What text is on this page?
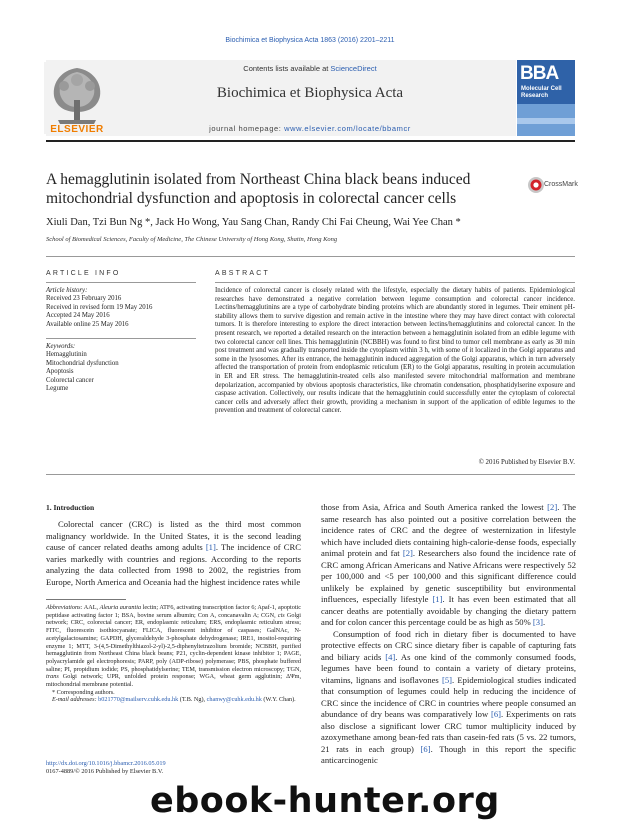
Biochimica et Biophysica Acta 1863 (2016) 2201–2211
ELSEVIER
Contents lists available at ScienceDirect
Biochimica et Biophysica Acta
journal homepage: www.elsevier.com/locate/bbamcr
BBA
Molecular Cell Research
A hemagglutinin isolated from Northeast China black beans induced mitochondrial dysfunction and apoptosis in colorectal cancer cells
CrossMark
Xiuli Dan, Tzi Bun Ng *, Jack Ho Wong, Yau Sang Chan, Randy Chi Fai Cheung, Wai Yee Chan *
School of Biomedical Sciences, Faculty of Medicine, The Chinese University of Hong Kong, Shatin, Hong Kong
ARTICLE INFO
Article history:
Received 23 February 2016
Received in revised form 19 May 2016
Accepted 24 May 2016
Available online 25 May 2016
Keywords:
Hemagglutinin
Mitochondrial dysfunction
Apoptosis
Colorectal cancer
Legume
ABSTRACT
Incidence of colorectal cancer is closely related with the lifestyle, especially the dietary habits of patients. Epidemiological researches have demonstrated a negative correlation between legume consumption and colorectal cancer incidence. Lectins/hemagglutinins are a type of carbohydrate binding proteins which are abundantly stored in legumes. Their eminent pH-stability allows them to survive digestion and remain active in the intestine where they may have direct contact with colorectal tumors. It is therefore interesting to explore the direct interaction between lectins/hemagglutinins and colorectal cancer. In the present research, we reported a detailed research on the interaction between a hemagglutinin isolated from an edible legume with two colorectal cancer cell lines. This hemagglutinin (NCBBH) was found to first bind to tumor cell membrane as early as 30 min post treatment and was gradually transported inside the cytoplasm within 3 h, with some of it localized in the Golgi apparatus and some in the lysosomes. After its entrance, the hemagglutinin induced aggregation of the Golgi apparatus, which in turn adversely affected the transportation of protein from endoplasmic reticulum (ER) to the Golgi apparatus, resulting in protein accumulation in ER and ER stress. The hemagglutinin-treated cells also manifested severe mitochondrial malformation and membrane depolarization, accompanied by obvious apoptosis characteristics, like chromatin condensation, phosphatidylserine exposure and caspase activation. Collectively, our results indicate that the hemagglutinin could successfully enter the cytoplasm of colorectal cancer cells and adversely affect their growth, providing a mechanism in support of the application of edible legumes to the prevention and treatment of colorectal cancer.
© 2016 Published by Elsevier B.V.
1. Introduction
Colorectal cancer (CRC) is listed as the third most common malignancy worldwide. In the United States, it is the second leading cause of cancer related deaths among adults [1]. The incidence of CRC varies markedly with countries and regions. According to the reports analyzing the data collected from 1998 to 2002, the registries from Europe, North America and Oceania had the highest incidence rates while

those from Asia, Africa and South America ranked the lowest [2]. The same research has also pointed out a positive correlation between the incidence rates of CRC and the degree of westernization in lifestyle which have included diets containing high-calorie-dense foods, especially animal protein and fat [2]. Researchers also found the incidence rate of CRC among African Americans and Native Africans were respectively 52 per 100,000 and <5 per 100,000 and this significant difference could unlikely be explained by genetic susceptibility but environmental influences, especially lifestyle [1]. It has even been estimated that all cancer deaths are potentially avoidable by changing the dietary pattern and for colon cancer this percentage could be as high as 50% [3].

Consumption of food rich in dietary fiber is documented to have protective effects on CRC since dietary fiber is capable of capturing fats and biliary acids [4]. As one kind of the commonly consumed foods, legumes have been found to contain a variety of dietary proteins, vitamins, lignans and isoflavones [5]. Epidemiological studies indicated that consumption of legumes could help in reducing the incidence of CRC since the incidence of CRC in countries where people consumed an abundance of dry beans was comparatively low [6]. Experiments on rats also disclose a significant lower CRC tumor multiplicity induced by azoxymethane among bean-fed rats than casein-fed rats (5 vs. 22 tumors, 21 rats in each group) [6]. Though in this report the specific anticarcinogenic

Abbreviations: AAL, Aleuria aurantia lectin; ATF6, activating transcription factor 6; Apaf-1, apoptotic peptidase activating factor 1; BSA, bovine serum albumin; Con A, concanavalin A; CGN, cis Golgi network; CRC, colorectal cancer; ER, endoplasmic reticulum; ERS, endoplasmic reticulum stress; FITC, fluorescein isothiocyanate; FLICA, fluorescent inhibitor of caspases; GalNAc, N-acetylgalactosamine; GAPDH, glyceraldehyde 3-phosphate dehydrogenase; IRE1, inositol-requiring enzyme 1; MTT, 3-(4,5-Dimethylthiazol-2-yl)-2,5-diphenyltetrazolium bromide; NCBBH, purified hemagglutinin from Northeast China black beans; P21, cyclin-dependent kinase inhibitor 1; PAGE, polyacrylamide gel electrophoresis; PARP, poly (ADP-ribose) polymerase; PBS, phosphate buffered saline; PI, propidium iodide; PS, phosphatidylserine; TEM, transmission electron microscopy; TGN, trans Golgi network; UPR, unfolded protein response; WGA, wheat germ agglutinin; ΔΨm, mitochondrial membrane potential.
* Corresponding authors.
E-mail addresses: b021770@mailserv.cuhk.edu.hk (T.B. Ng), chanwy@cuhk.edu.hk (W.Y. Chan).
http://dx.doi.org/10.1016/j.bbamcr.2016.05.019
0167-4889/© 2016 Published by Elsevier B.V.
ebook-hunter.org
